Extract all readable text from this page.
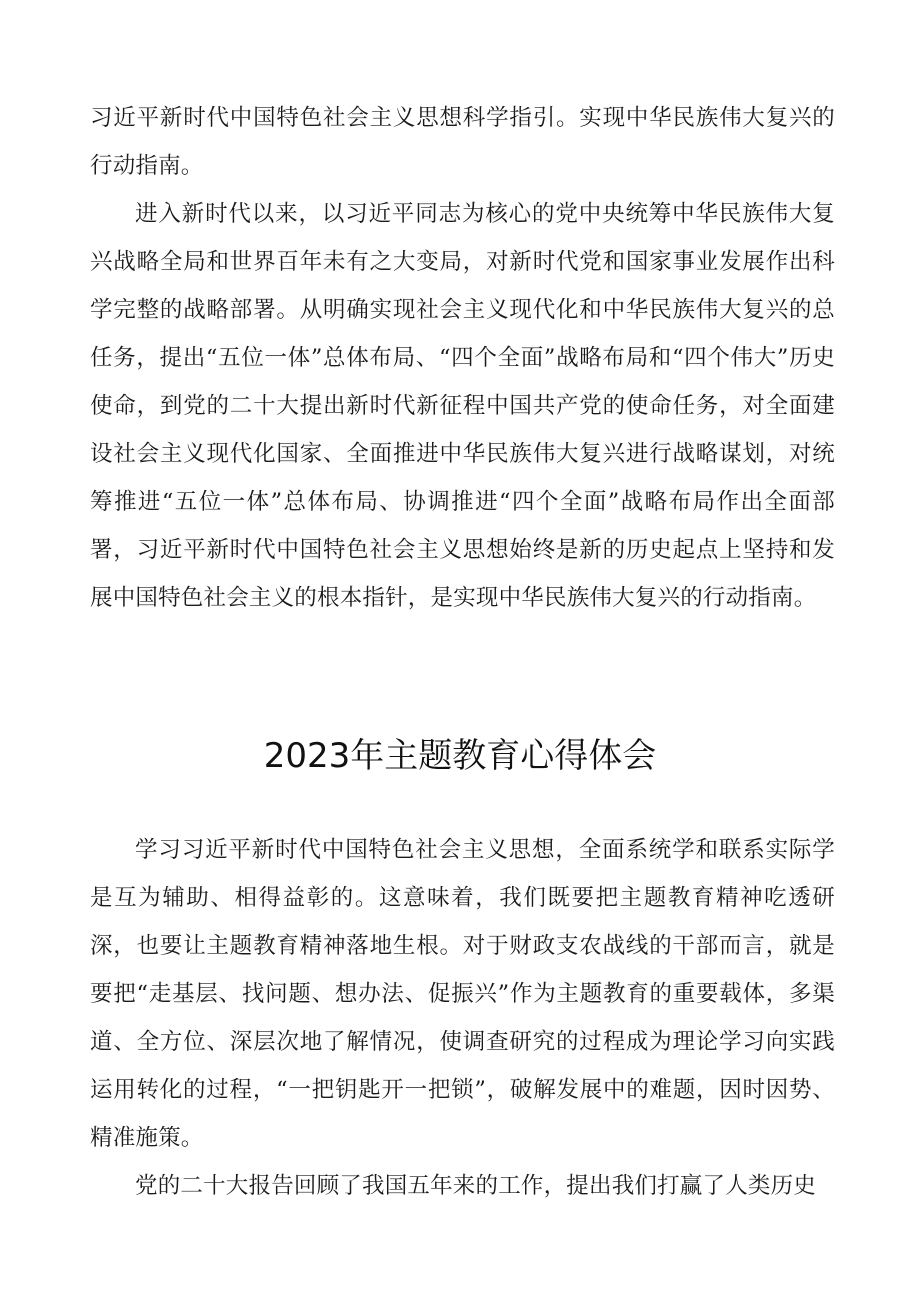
习近平新时代中国特色社会主义思想科学指引。实现中华民族伟大复兴的行动指南。

进入新时代以来，以习近平同志为核心的党中央统筹中华民族伟大复兴战略全局和世界百年未有之大变局，对新时代党和国家事业发展作出科学完整的战略部署。从明确实现社会主义现代化和中华民族伟大复兴的总任务，提出“五位一体”总体布局、“四个全面”战略布局和“四个伟大”历史使命，到党的二十大提出新时代新征程中国共产党的使命任务，对全面建设社会主义现代化国家、全面推进中华民族伟大复兴进行战略谋划，对统筹推进“五位一体”总体布局、协调推进“四个全面”战略布局作出全面部署，习近平新时代中国特色社会主义思想始终是新的历史起点上坚持和发展中国特色社会主义的根本指针，是实现中华民族伟大复兴的行动指南。

2023年主题教育心得体会

学习习近平新时代中国特色社会主义思想，全面系统学和联系实际学是互为辅助、相得益彰的。这意味着，我们既要把主题教育精神吃透研深，也要让主题教育精神落地生根。对于财政支农战线的干部而言，就是要把“走基层、找问题、想办法、促振兴”作为主题教育的重要载体，多渠道、全方位、深层次地了解情况，使调查研究的过程成为理论学习向实践运用转化的过程，“一把钥匙开一把锁”，破解发展中的难题，因时因势、精准施策。

党的二十大报告回顾了我国五年来的工作，提出我们打赢了人类历史
